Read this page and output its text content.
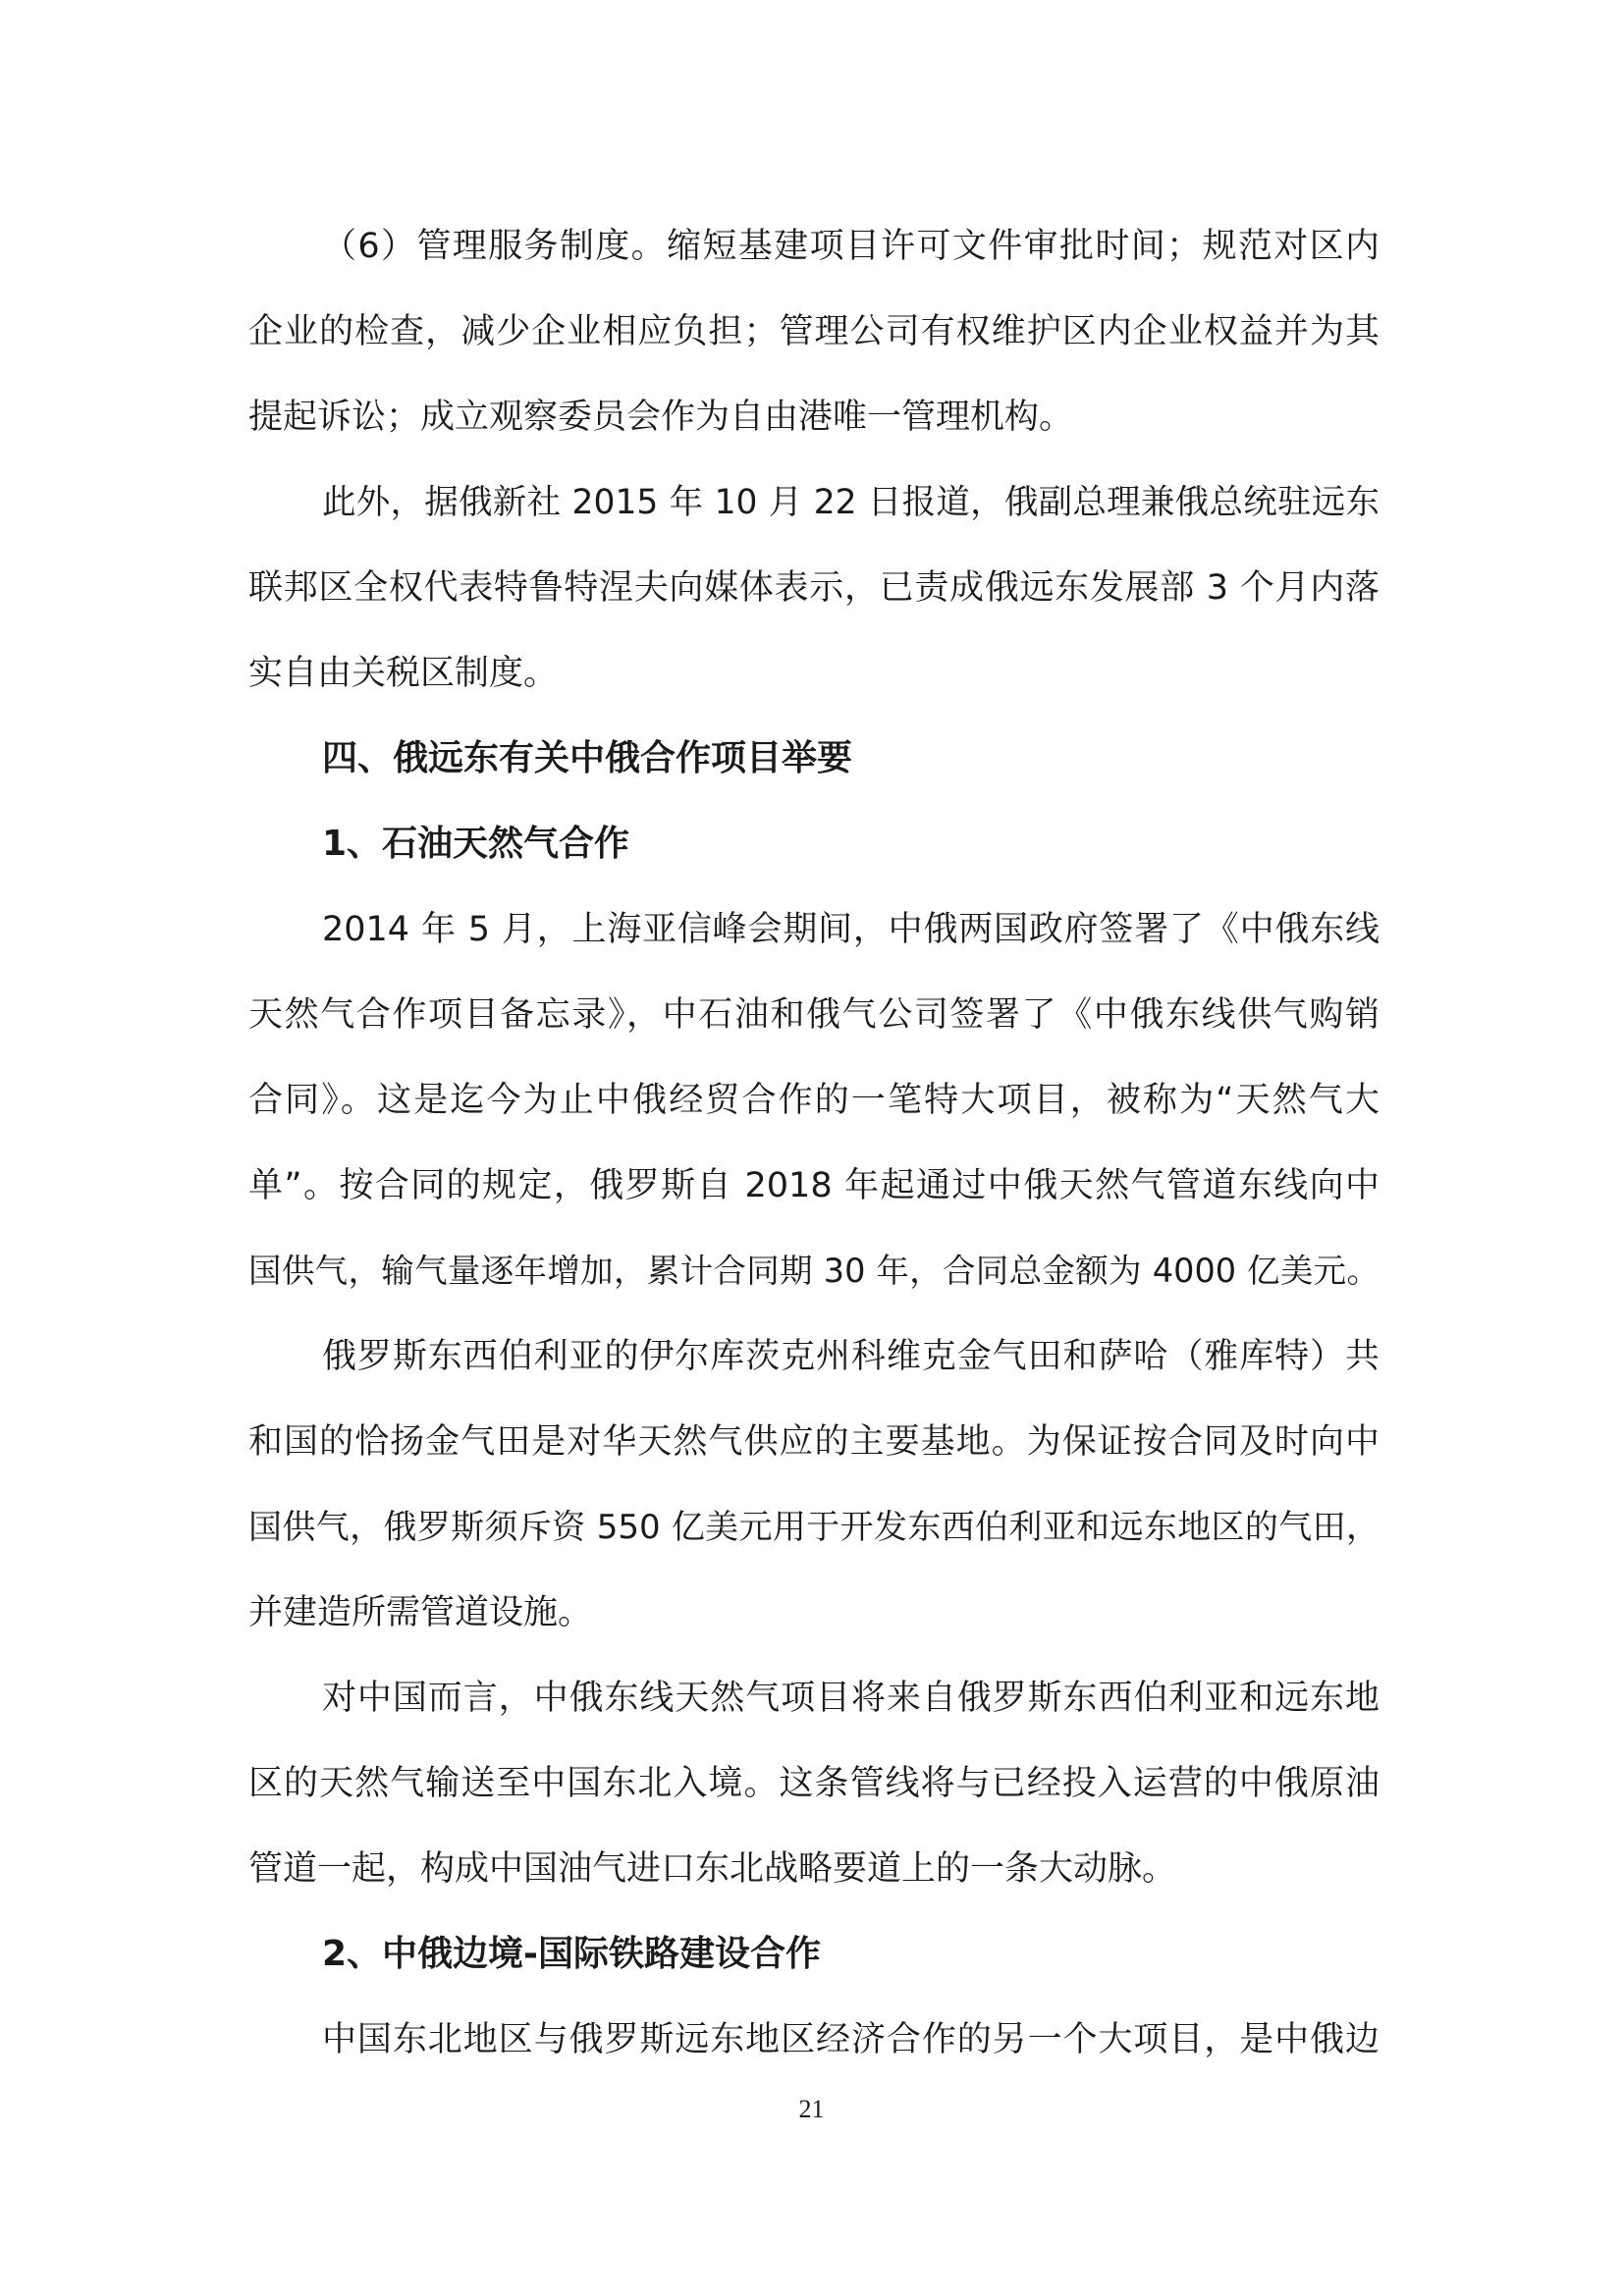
（6）管理服务制度。缩短基建项目许可文件审批时间；规范对区内
企业的检查，减少企业相应负担；管理公司有权维护区内企业权益并为其
提起诉讼；成立观察委员会作为自由港唯一管理机构。
此外，据俄新社 2015 年 10 月 22 日报道，俄副总理兼俄总统驻远东
联邦区全权代表特鲁特涅夫向媒体表示，已责成俄远东发展部 3 个月内落
实自由关税区制度。
四、俄远东有关中俄合作项目举要
1、石油天然气合作
2014 年 5 月，上海亚信峰会期间，中俄两国政府签署了《中俄东线
天然气合作项目备忘录》，中石油和俄气公司签署了《中俄东线供气购销
合同》。这是迄今为止中俄经贸合作的一笔特大项目，被称为“天然气大
单”。按合同的规定，俄罗斯自 2018 年起通过中俄天然气管道东线向中
国供气，输气量逐年增加，累计合同期 30 年，合同总金额为 4000 亿美元。
俄罗斯东西伯利亚的伊尔库茨克州科维克金气田和萨哈（雅库特）共
和国的恰扬金气田是对华天然气供应的主要基地。为保证按合同及时向中
国供气，俄罗斯须斥资 550 亿美元用于开发东西伯利亚和远东地区的气田，
并建造所需管道设施。
对中国而言，中俄东线天然气项目将来自俄罗斯东西伯利亚和远东地
区的天然气输送至中国东北入境。这条管线将与已经投入运营的中俄原油
管道一起，构成中国油气进口东北战略要道上的一条大动脉。
2、中俄边境-国际铁路建设合作
中国东北地区与俄罗斯远东地区经济合作的另一个大项目，是中俄边
21
